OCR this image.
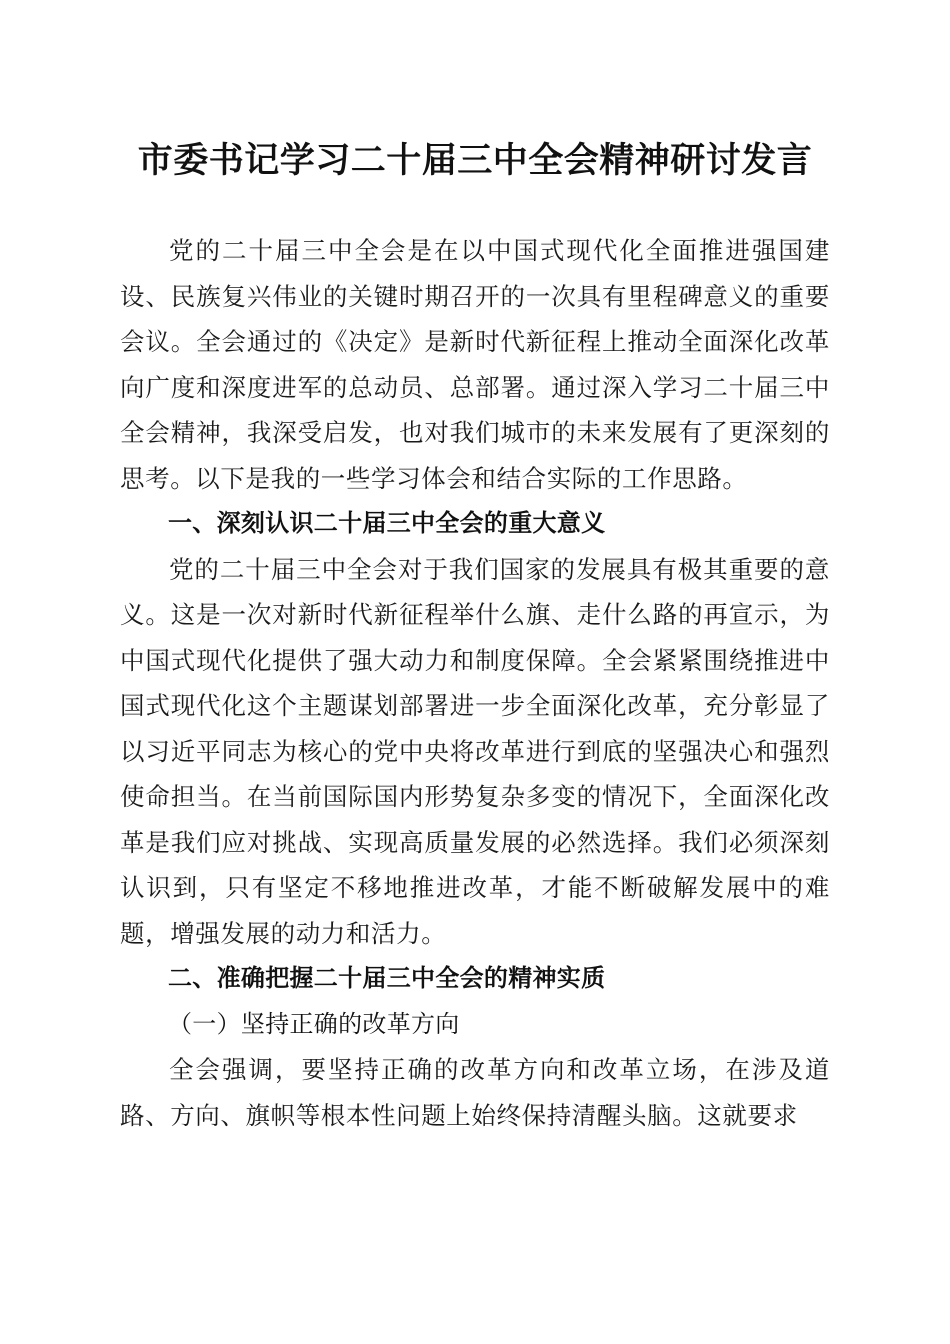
市委书记学习二十届三中全会精神研讨发言

党的二十届三中全会是在以中国式现代化全面推进强国建设、民族复兴伟业的关键时期召开的一次具有里程碑意义的重要会议。全会通过的《决定》是新时代新征程上推动全面深化改革向广度和深度进军的总动员、总部署。通过深入学习二十届三中全会精神，我深受启发，也对我们城市的未来发展有了更深刻的思考。以下是我的一些学习体会和结合实际的工作思路。

一、深刻认识二十届三中全会的重大意义

党的二十届三中全会对于我们国家的发展具有极其重要的意义。这是一次对新时代新征程举什么旗、走什么路的再宣示，为中国式现代化提供了强大动力和制度保障。全会紧紧围绕推进中国式现代化这个主题谋划部署进一步全面深化改革，充分彰显了以习近平同志为核心的党中央将改革进行到底的坚强决心和强烈使命担当。在当前国际国内形势复杂多变的情况下，全面深化改革是我们应对挑战、实现高质量发展的必然选择。我们必须深刻认识到，只有坚定不移地推进改革，才能不断破解发展中的难题，增强发展的动力和活力。

二、准确把握二十届三中全会的精神实质

（一）坚持正确的改革方向

全会强调，要坚持正确的改革方向和改革立场，在涉及道路、方向、旗帜等根本性问题上始终保持清醒头脑。这就要求
